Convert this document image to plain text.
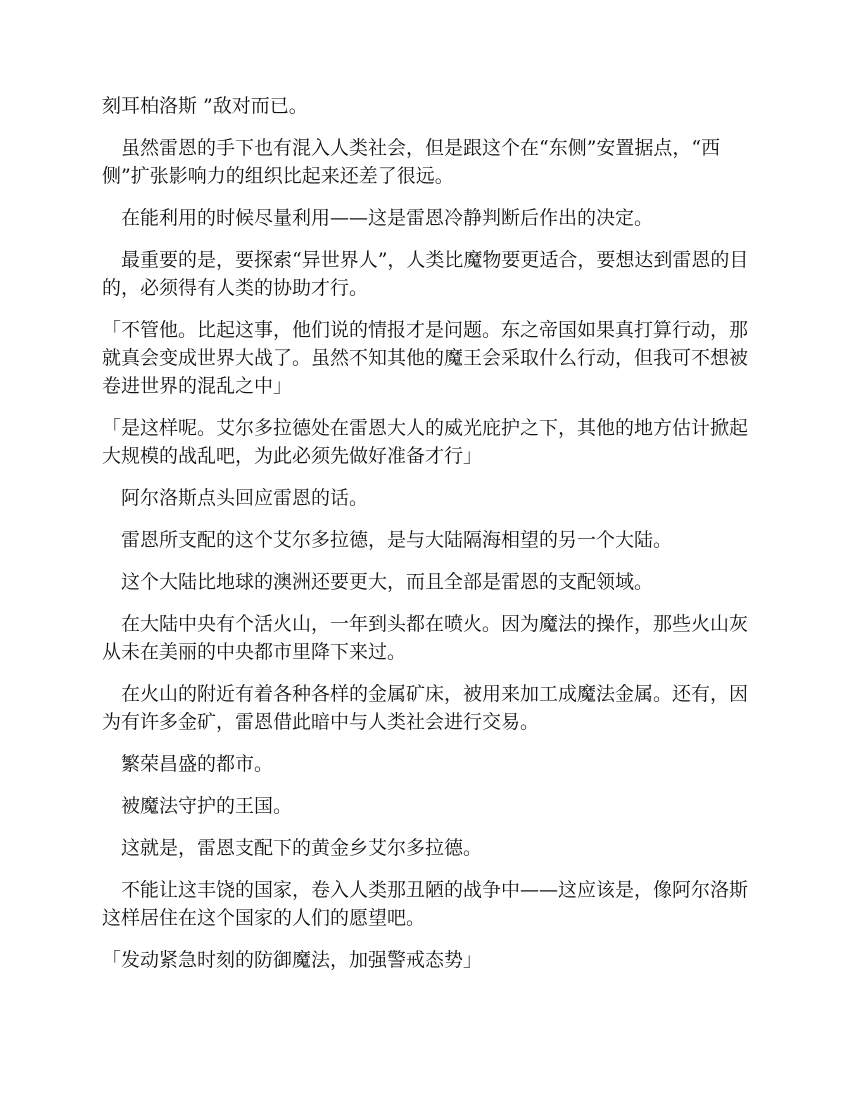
刻耳柏洛斯 ”敌对而已。

虽然雷恩的手下也有混入人类社会，但是跟这个在“东侧”安置据点，“西侧”扩张影响力的组织比起来还差了很远。

在能利用的时候尽量利用——这是雷恩冷静判断后作出的决定。

最重要的是，要探索“异世界人”，人类比魔物要更适合，要想达到雷恩的目的，必须得有人类的协助才行。

「不管他。比起这事，他们说的情报才是问题。东之帝国如果真打算行动，那就真会变成世界大战了。虽然不知其他的魔王会采取什么行动，但我可不想被卷进世界的混乱之中」

「是这样呢。艾尔多拉德处在雷恩大人的威光庇护之下，其他的地方估计掀起大规模的战乱吧，为此必须先做好准备才行」

阿尔洛斯点头回应雷恩的话。

雷恩所支配的这个艾尔多拉德，是与大陆隔海相望的另一个大陆。

这个大陆比地球的澳洲还要更大，而且全部是雷恩的支配领域。

在大陆中央有个活火山，一年到头都在喷火。因为魔法的操作，那些火山灰从未在美丽的中央都市里降下来过。

在火山的附近有着各种各样的金属矿床，被用来加工成魔法金属。还有，因为有许多金矿，雷恩借此暗中与人类社会进行交易。

繁荣昌盛的都市。

被魔法守护的王国。

这就是，雷恩支配下的黄金乡艾尔多拉德。

不能让这丰饶的国家，卷入人类那丑陋的战争中——这应该是，像阿尔洛斯这样居住在这个国家的人们的愿望吧。

「发动紧急时刻的防御魔法，加强警戒态势」
